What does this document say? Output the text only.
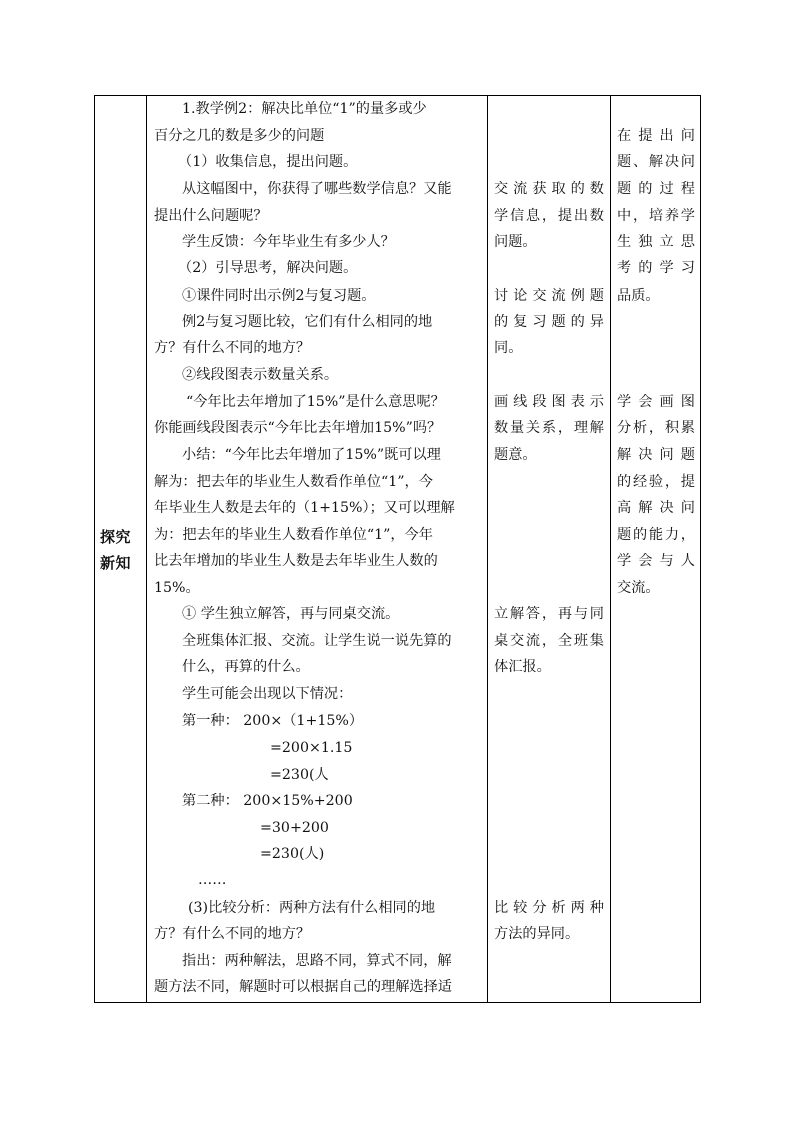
探究
新知
1.教学例2：解决比单位“1”的量多或少
百分之几的数是多少的问题
（1）收集信息，提出问题。
从这幅图中，你获得了哪些数学信息？又能
提出什么问题呢？
学生反馈：今年毕业生有多少人？
（2）引导思考，解决问题。
①课件同时出示例2与复习题。
例2与复习题比较，它们有什么相同的地
方？有什么不同的地方？
②线段图表示数量关系。
“今年比去年增加了15%”是什么意思呢？
你能画线段图表示“今年比去年增加15%”吗？
小结：“今年比去年增加了15%”既可以理
解为：把去年的毕业生人数看作单位“1”，今
年毕业生人数是去年的（1+15%）；又可以理解
为：把去年的毕业生人数看作单位“1”，今年
比去年增加的毕业生人数是去年毕业生人数的
15%。
① 学生独立解答，再与同桌交流。
全班集体汇报、交流。让学生说一说先算的
什么，再算的什么。
学生可能会出现以下情况：
第一种： 200×（1+15%）
=200×1.15
=230(人
第二种： 200×15%+200
=30+200
=230(人)
……
(3)比较分析：两种方法有什么相同的地
方？有什么不同的地方？
指出：两种解法，思路不同，算式不同，解
题方法不同，解题时可以根据自己的理解选择适
交流获取的数
学信息，提出数
问题。
讨论交流例题
的复习题的异
同。
画线段图表示
数量关系，理解
题意。
立解答，再与同
桌交流，全班集
体汇报。
比较分析两种
方法的异同。
在提出问
题、解决问
题的过程
中，培养学
生独立思
考的学习
品质。
学会画图
分析，积累
解决问题
的经验，提
高解决问
题的能力，
学会与人
交流。
